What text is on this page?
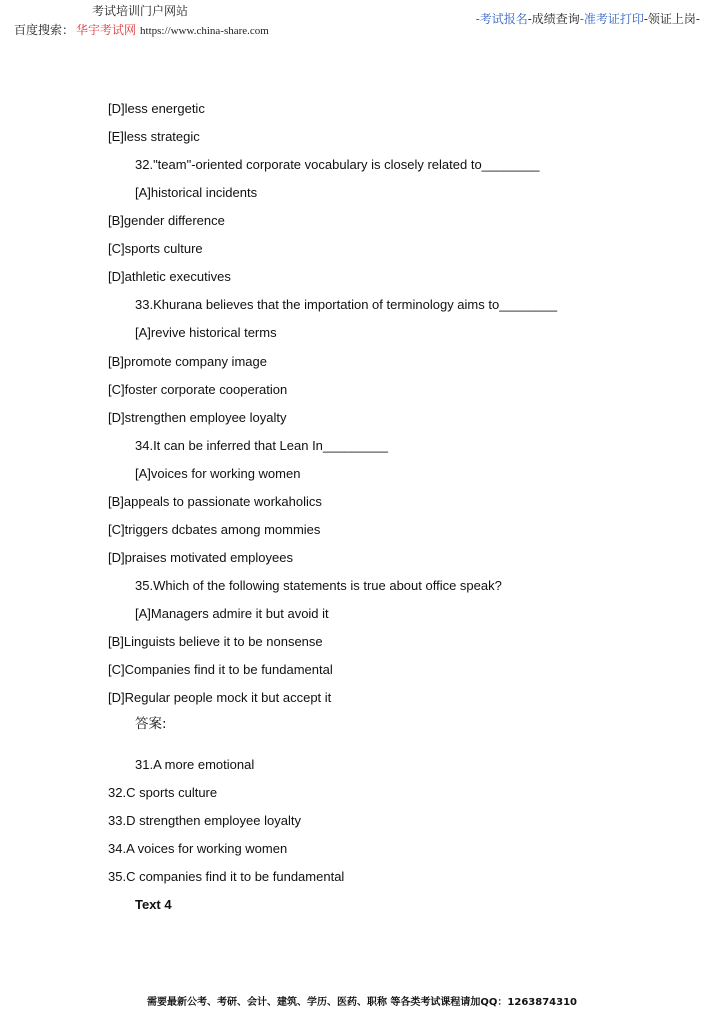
考试培训门户网站
百度搜索： 华宇考试网 https://www.china-share.com
-考试报名-成绩查询-准考证打印-领证上岗-
[D]less energetic
[E]less strategic
32."team"-oriented corporate vocabulary is closely related to________
[A]historical incidents
[B]gender difference
[C]sports culture
[D]athletic executives
33.Khurana believes that the importation of terminology aims to________
[A]revive historical terms
[B]promote company image
[C]foster corporate cooperation
[D]strengthen employee loyalty
34.It can be inferred that Lean In_________
[A]voices for working women
[B]appeals to passionate workaholics
[C]triggers dcbates among mommies
[D]praises motivated employees
35.Which of the following statements is true about office speak?
[A]Managers admire it but avoid it
[B]Linguists believe it to be nonsense
[C]Companies find it to be fundamental
[D]Regular people mock it but accept it
答案:
31.A more emotional
32.C sports culture
33.D strengthen employee loyalty
34.A voices for working women
35.C companies find it to be fundamental
Text 4
需要最新公考、考研、会计、建筑、学历、医药、职称 等各类考试课程请加QQ：1263874310
